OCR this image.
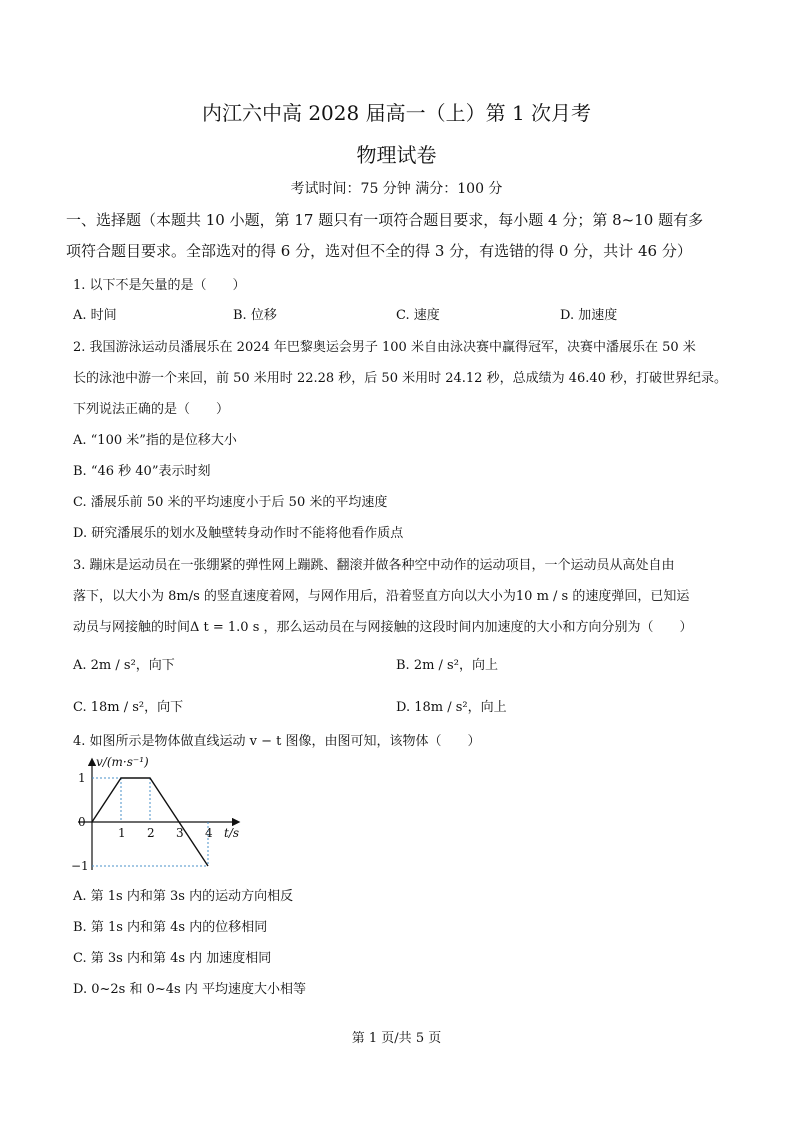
内江六中高 2028 届高一（上）第 1 次月考
物理试卷
考试时间：75 分钟 满分：100 分
一、选择题（本题共 10 小题，第 17 题只有一项符合题目要求，每小题 4 分；第 8~10 题有多
项符合题目要求。全部选对的得 6 分，选对但不全的得 3 分，有选错的得 0 分，共计 46 分）
1. 以下不是矢量的是（　　）
A. 时间	B. 位移	C. 速度	D. 加速度
2. 我国游泳运动员潘展乐在 2024 年巴黎奥运会男子 100 米自由泳决赛中赢得冠军，决赛中潘展乐在 50 米
长的泳池中游一个来回，前 50 米用时 22.28 秒，后 50 米用时 24.12 秒，总成绩为 46.40 秒，打破世界纪录。
下列说法正确的是（　　）
A. “100 米”指的是位移大小
B. “46 秒 40”表示时刻
C. 潘展乐前 50 米的平均速度小于后 50 米的平均速度
D. 研究潘展乐的划水及触壁转身动作时不能将他看作质点
3. 蹦床是运动员在一张绷紧的弹性网上蹦跳、翻滚并做各种空中动作的运动项目，一个运动员从高处自由
落下，以大小为 8m/s 的竖直速度着网，与网作用后，沿着竖直方向以大小为10 m / s 的速度弹回，已知运
动员与网接触的时间Δ t = 1.0 s ，那么运动员在与网接触的这段时间内加速度的大小和方向分别为（　　）
A. 2m / s²，向下	B. 2m / s²，向上
C. 18m / s²，向下	D. 18m / s²，向上
4. 如图所示是物体做直线运动 v − t 图像，由图可知，该物体（　　）
1 2 3 4
1
0
−1
v/(m·s⁻¹)
t/s
A. 第 1s 内和第 3s 内的运动方向相反
B. 第 1s 内和第 4s 内的位移相同
C. 第 3s 内和第 4s 内 加速度相同
D. 0~2s 和 0~4s 内 平均速度大小相等
第 1 页/共 5 页
